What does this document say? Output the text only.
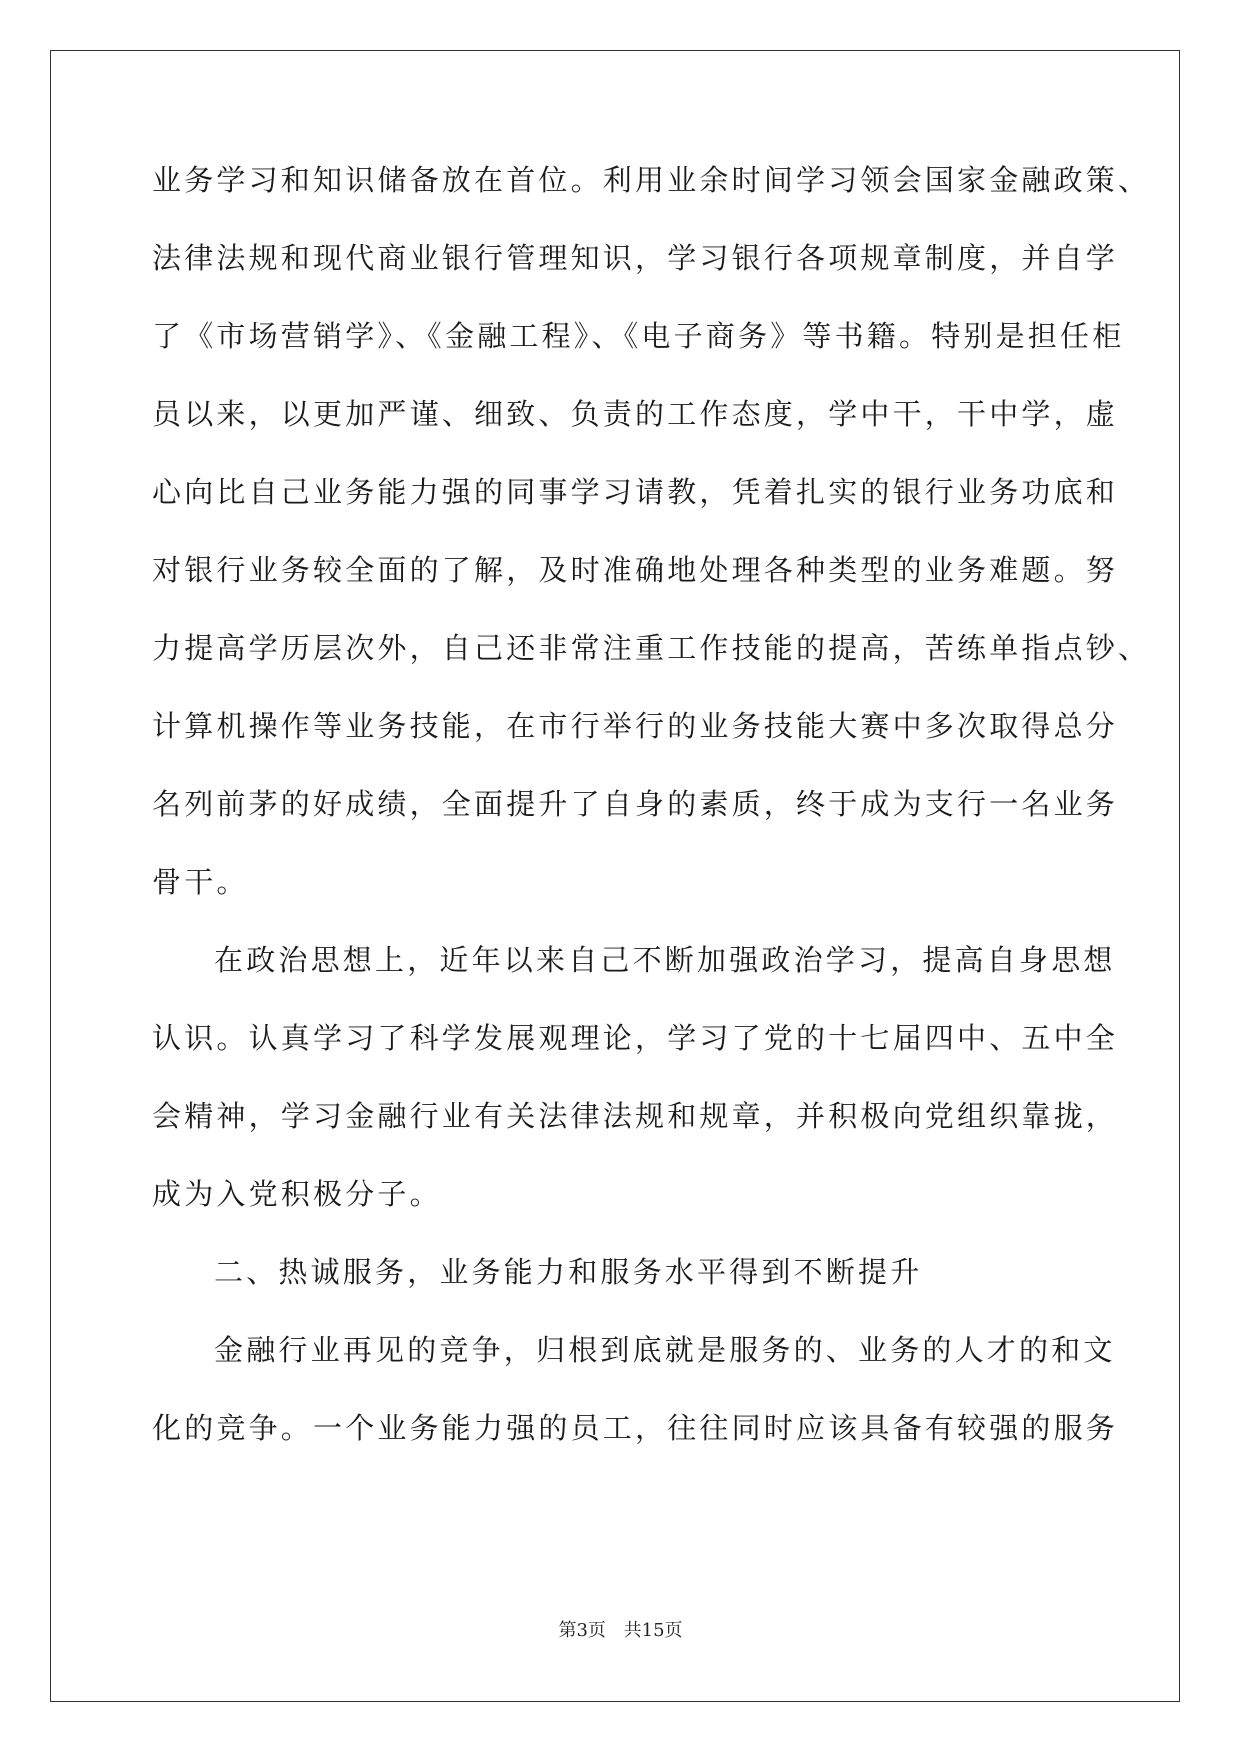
业务学习和知识储备放在首位。利用业余时间学习领会国家金融政策、
法律法规和现代商业银行管理知识，学习银行各项规章制度，并自学
了《市场营销学》、《金融工程》、《电子商务》等书籍。特别是担任柜
员以来，以更加严谨、细致、负责的工作态度，学中干，干中学，虚
心向比自己业务能力强的同事学习请教，凭着扎实的银行业务功底和
对银行业务较全面的了解，及时准确地处理各种类型的业务难题。努
力提高学历层次外，自己还非常注重工作技能的提高，苦练单指点钞、
计算机操作等业务技能，在市行举行的业务技能大赛中多次取得总分
名列前茅的好成绩，全面提升了自身的素质，终于成为支行一名业务
骨干。
在政治思想上，近年以来自己不断加强政治学习，提高自身思想
认识。认真学习了科学发展观理论，学习了党的十七届四中、五中全
会精神，学习金融行业有关法律法规和规章，并积极向党组织靠拢，
成为入党积极分子。
二、热诚服务，业务能力和服务水平得到不断提升
金融行业再见的竞争，归根到底就是服务的、业务的人才的和文
化的竞争。一个业务能力强的员工，往往同时应该具备有较强的服务
第3页 共15页
